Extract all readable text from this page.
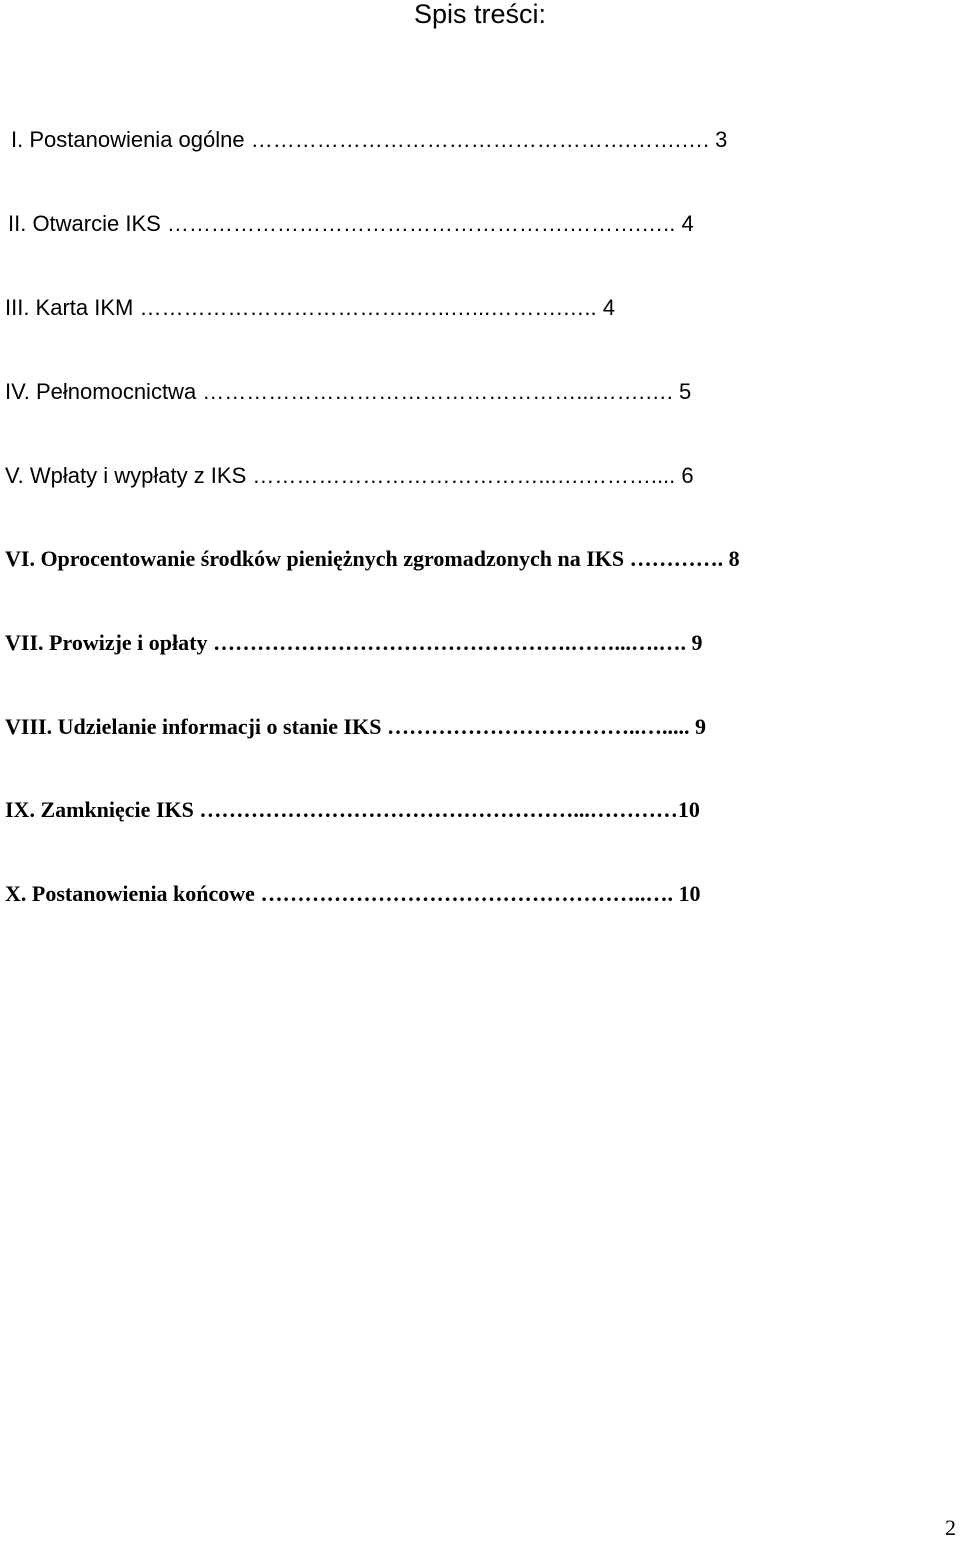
Spis treści:
I. Postanowienia ogólne …………………………………………….…….…. 3
II. Otwarcie IKS ……………………………………………….……….….. 4
III. Karta IKM ………………………………..…..…...……….….. 4
IV. Pełnomocnictwa ……………………………………………...…….…. 5
V. Wpłaty i wypłaty z IKS …………………………………...….……….... 6
VI. Oprocentowanie środków pieniężnych zgromadzonych na IKS …………. 8
VII. Prowizje i opłaty ………………………………………….……...….…. 9
VIII. Udzielanie informacji o stanie IKS ……………………………..…..... 9
IX. Zamknięcie IKS ……………………………………………...…………10
X. Postanowienia końcowe ……………………………………………..…. 10
2
